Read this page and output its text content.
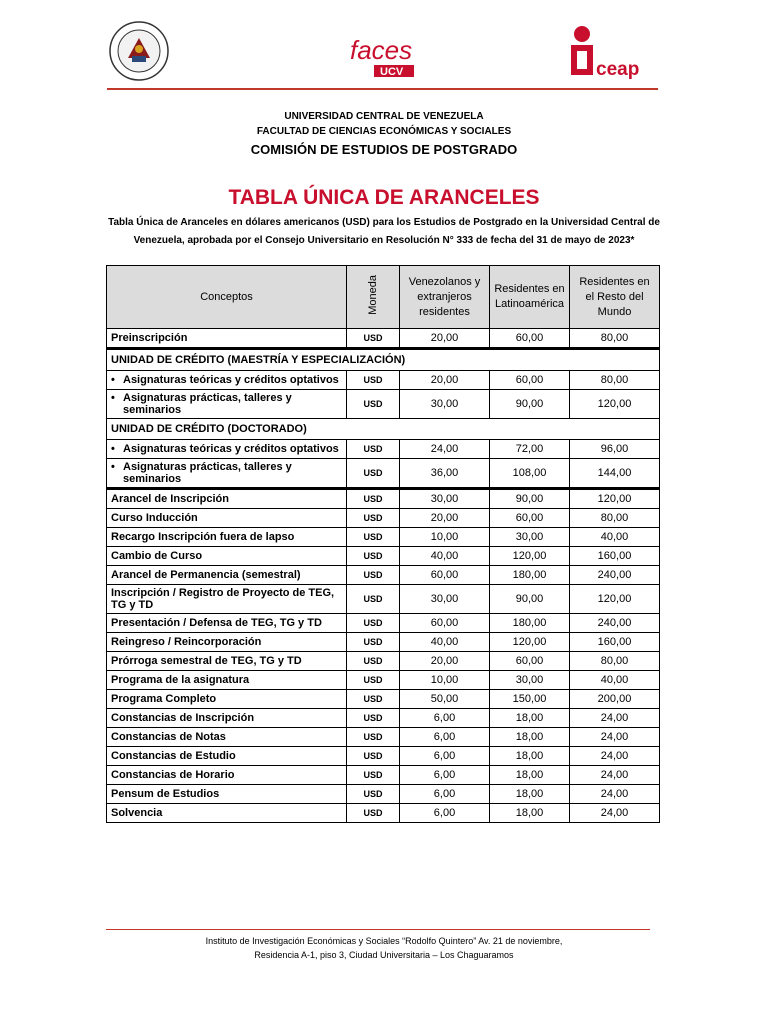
faces
UCV	ceap
UNIVERSIDAD CENTRAL DE VENEZUELA
FACULTAD DE CIENCIAS ECONÓMICAS Y SOCIALES
COMISIÓN DE ESTUDIOS DE POSTGRADO
TABLA ÚNICA DE ARANCELES
Tabla Única de Aranceles en dólares americanos (USD) para los Estudios de Postgrado en la Universidad Central de
Venezuela, aprobada por el Consejo Universitario en Resolución N° 333 de fecha del 31 de mayo de 2023*
Conceptos	Moneda	Venezolanos y extranjeros residentes	Residentes en Latinoamérica	Residentes en el Resto del Mundo
Preinscripción	USD	20,00	60,00	80,00
UNIDAD DE CRÉDITO (MAESTRÍA Y ESPECIALIZACIÓN)				
• Asignaturas teóricas y créditos optativos	USD	20,00	60,00	80,00
• Asignaturas prácticas, talleres y
seminarios	USD	30,00	90,00	120,00
UNIDAD DE CRÉDITO (DOCTORADO)				
• Asignaturas teóricas y créditos optativos	USD	24,00	72,00	96,00
• Asignaturas prácticas, talleres y
seminarios	USD	36,00	108,00	144,00
Arancel de Inscripción	USD	30,00	90,00	120,00
Curso Inducción	USD	20,00	60,00	80,00
Recargo Inscripción fuera de lapso	USD	10,00	30,00	40,00
Cambio de Curso	USD	40,00	120,00	160,00
Arancel de Permanencia (semestral)	USD	60,00	180,00	240,00
Inscripción / Registro de Proyecto de TEG,
TG y TD	USD	30,00	90,00	120,00
Presentación / Defensa de TEG, TG y TD	USD	60,00	180,00	240,00
Reingreso / Reincorporación	USD	40,00	120,00	160,00
Prórroga semestral de TEG, TG y TD	USD	20,00	60,00	80,00
Programa de la asignatura	USD	10,00	30,00	40,00
Programa Completo	USD	50,00	150,00	200,00
Constancias de Inscripción	USD	6,00	18,00	24,00
Constancias de Notas	USD	6,00	18,00	24,00
Constancias de Estudio	USD	6,00	18,00	24,00
Constancias de Horario	USD	6,00	18,00	24,00
Pensum de Estudios	USD	6,00	18,00	24,00
Solvencia	USD	6,00	18,00	24,00
Instituto de Investigación Económicas y Sociales “Rodolfo Quintero” Av. 21 de noviembre,
Residencia A-1, piso 3, Ciudad Universitaria – Los Chaguaramos
